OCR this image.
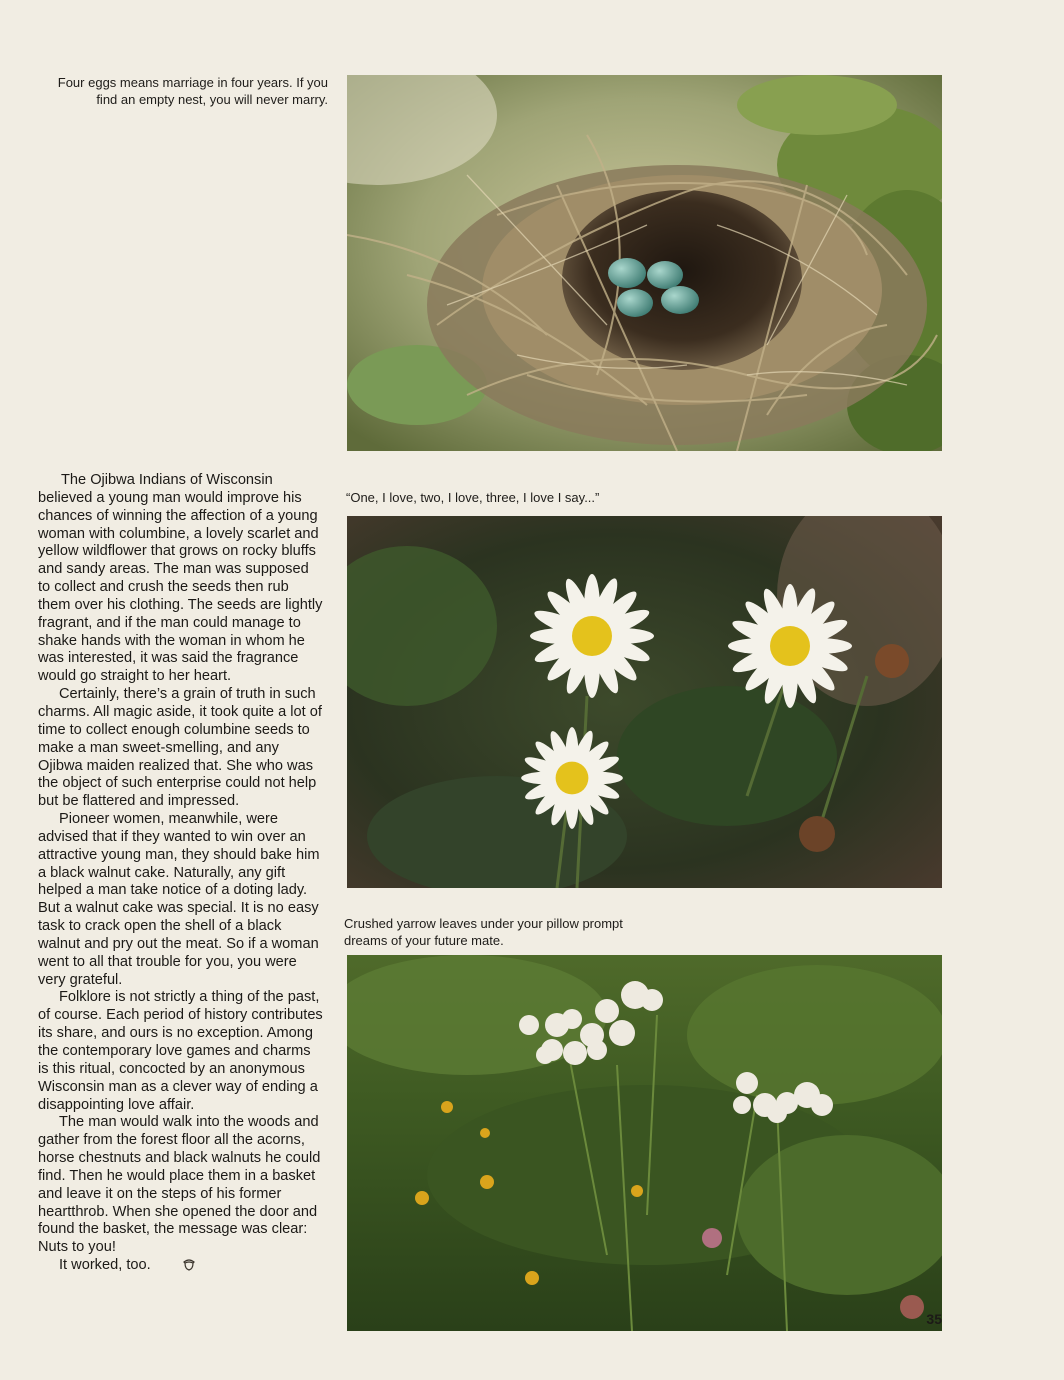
Four eggs means marriage in four years. If you find an empty nest, you will never marry.
“One, I love, two, I love, three, I love I say...”
Crushed yarrow leaves under your pillow prompt dreams of your future mate.

The Ojibwa Indians of Wisconsin believed a young man would improve his chances of winning the affection of a young woman with columbine, a lovely scarlet and yellow wildflower that grows on rocky bluffs and sandy areas. The man was supposed to collect and crush the seeds then rub them over his clothing. The seeds are lightly fragrant, and if the man could manage to shake hands with the woman in whom he was interested, it was said the fragrance would go straight to her heart.

Certainly, there’s a grain of truth in such charms. All magic aside, it took quite a lot of time to collect enough columbine seeds to make a man sweet-smelling, and any Ojibwa maiden realized that. She who was the object of such enterprise could not help but be flattered and impressed.

Pioneer women, meanwhile, were advised that if they wanted to win over an attractive young man, they should bake him a black walnut cake. Naturally, any gift helped a man take notice of a doting lady. But a walnut cake was special. It is no easy task to crack open the shell of a black walnut and pry out the meat. So if a woman went to all that trouble for you, you were very grateful.

Folklore is not strictly a thing of the past, of course. Each period of history contributes its share, and ours is no exception. Among the contemporary love games and charms is this ritual, concocted by an anonymous Wisconsin man as a clever way of ending a disappointing love affair.

The man would walk into the woods and gather from the forest floor all the acorns, horse chestnuts and black walnuts he could find. Then he would place them in a basket and leave it on the steps of his former heartthrob. When she opened the door and found the basket, the message was clear: Nuts to you!

It worked, too.

35
